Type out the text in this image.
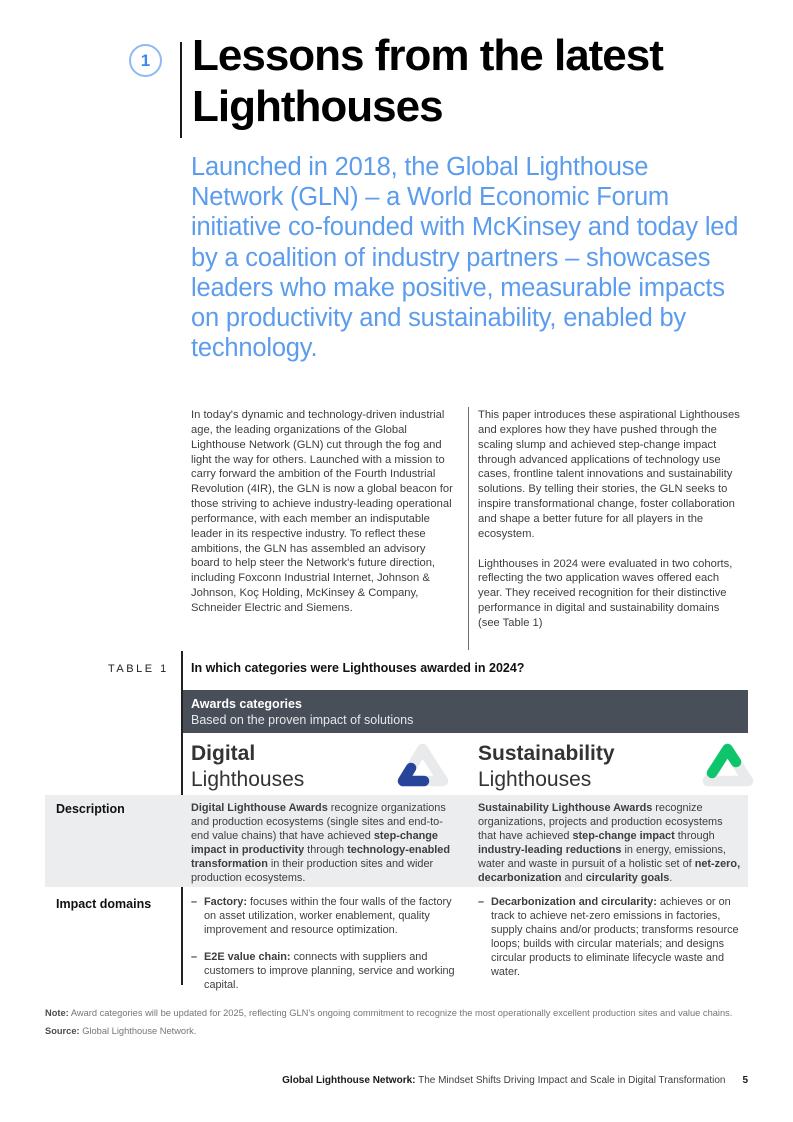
1 Lessons from the latest
Lighthouses
Launched in 2018, the Global Lighthouse Network (GLN) – a World Economic Forum initiative co-founded with McKinsey and today led by a coalition of industry partners – showcases leaders who make positive, measurable impacts on productivity and sustainability, enabled by technology.

In today's dynamic and technology-driven industrial age, the leading organizations of the Global Lighthouse Network (GLN) cut through the fog and light the way for others. Launched with a mission to carry forward the ambition of the Fourth Industrial Revolution (4IR), the GLN is now a global beacon for those striving to achieve industry-leading operational performance, with each member an indisputable leader in its respective industry. To reflect these ambitions, the GLN has assembled an advisory board to help steer the Network's future direction, including Foxconn Industrial Internet, Johnson & Johnson, Koç Holding, McKinsey & Company, Schneider Electric and Siemens.

This paper introduces these aspirational Lighthouses and explores how they have pushed through the scaling slump and achieved step-change impact through advanced applications of technology use cases, frontline talent innovations and sustainability solutions. By telling their stories, the GLN seeks to inspire transformational change, foster collaboration and shape a better future for all players in the ecosystem.

Lighthouses in 2024 were evaluated in two cohorts, reflecting the two application waves offered each year. They received recognition for their distinctive performance in digital and sustainability domains (see Table 1)

TABLE 1 In which categories were Lighthouses awarded in 2024?
Awards categories
Based on the proven impact of solutions
Digital
Lighthouses
Sustainability
Lighthouses
Description	Digital Lighthouse Awards recognize organizations and production ecosystems (single sites and end-to-end value chains) that have achieved step-change impact in productivity through technology-enabled transformation in their production sites and wider production ecosystems.
Sustainability Lighthouse Awards recognize organizations, projects and production ecosystems that have achieved step-change impact through industry-leading reductions in energy, emissions, water and waste in pursuit of a holistic set of net-zero, decarbonization and circularity goals.
Impact domains	– Factory: focuses within the four walls of the factory on asset utilization, worker enablement, quality improvement and resource optimization.
– E2E value chain: connects with suppliers and customers to improve planning, service and working capital.
– Decarbonization and circularity: achieves or on track to achieve net-zero emissions in factories, supply chains and/or products; transforms resource loops; builds with circular materials; and designs circular products to eliminate lifecycle waste and water.
Note: Award categories will be updated for 2025, reflecting GLN's ongoing commitment to recognize the most operationally excellent production sites and value chains.
Source: Global Lighthouse Network.
Global Lighthouse Network: The Mindset Shifts Driving Impact and Scale in Digital Transformation 5
